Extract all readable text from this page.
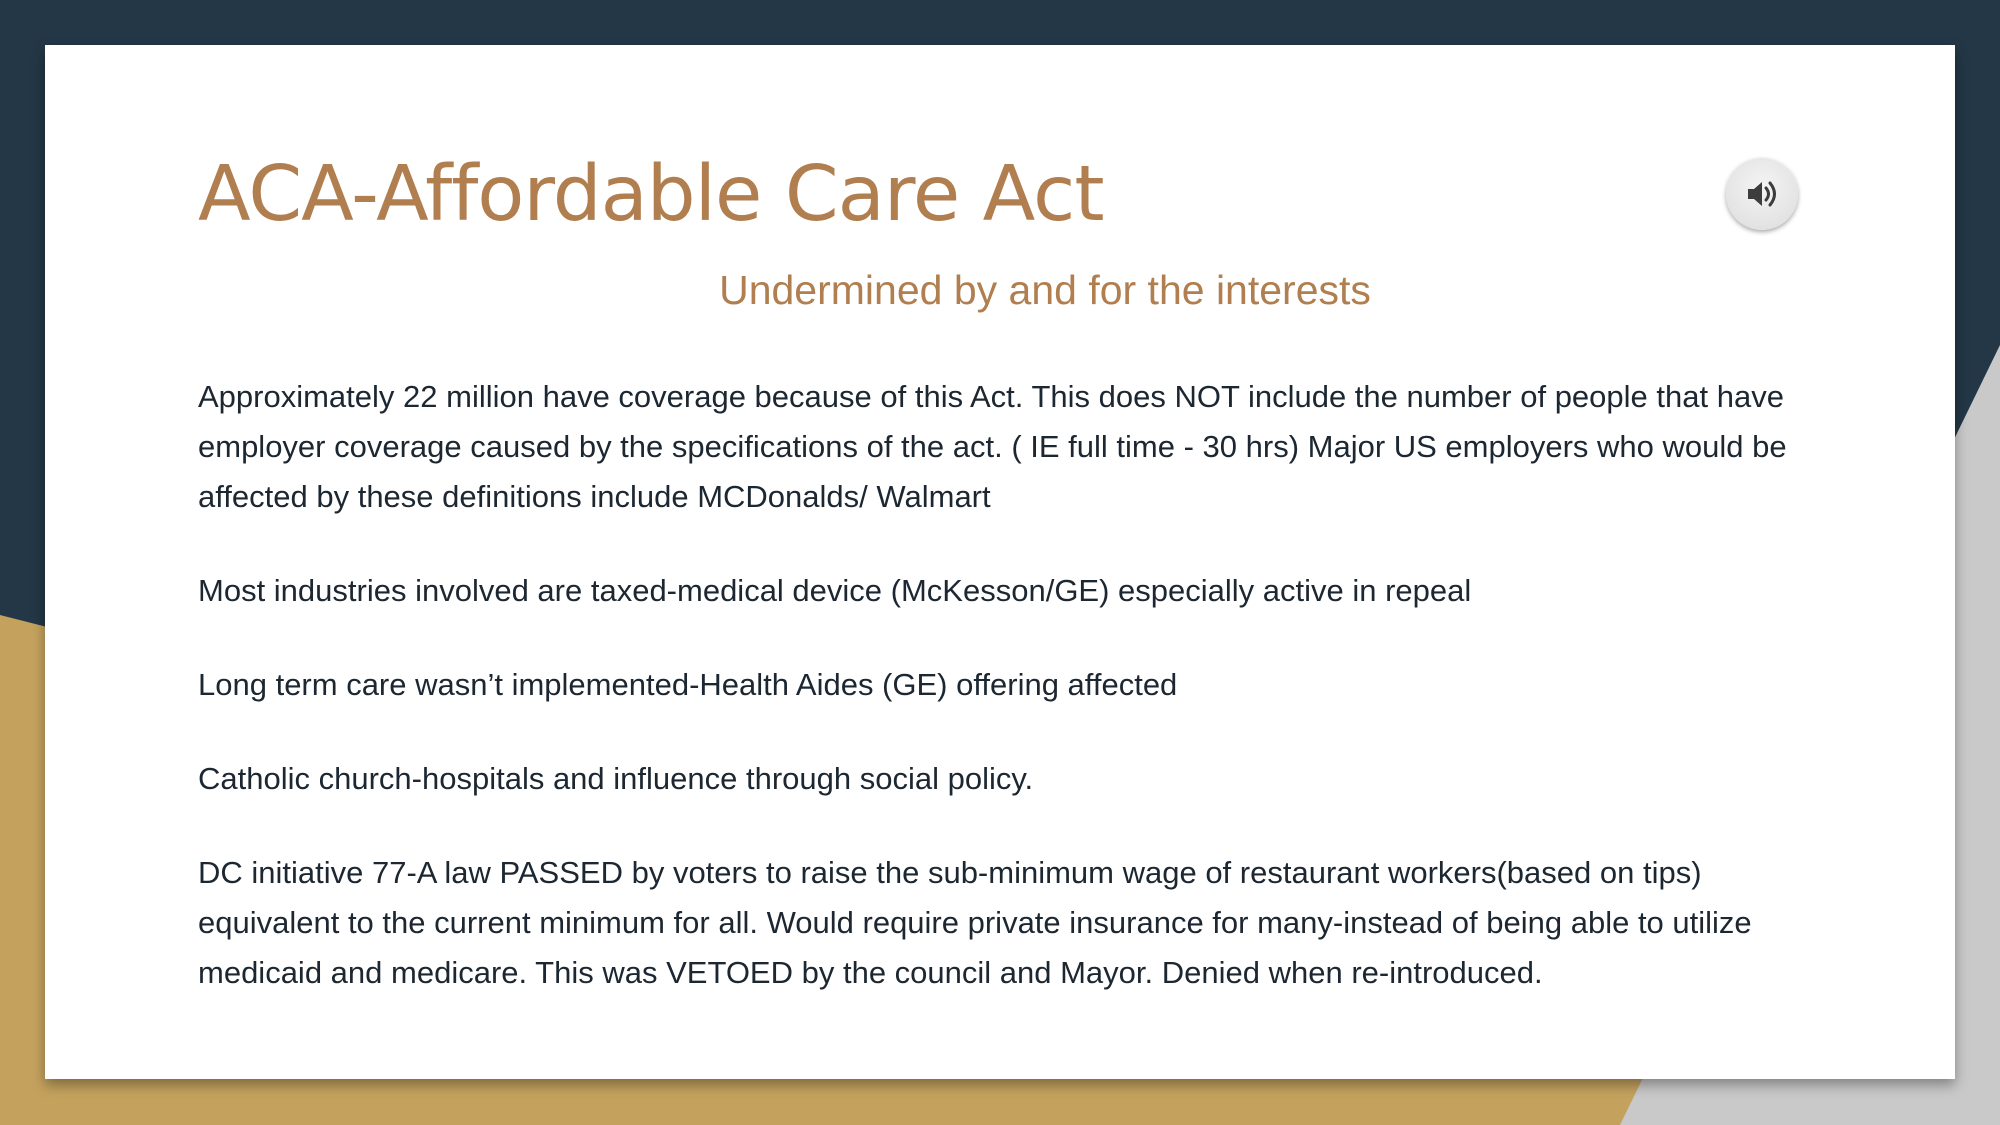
ACA-Affordable Care Act
Undermined by and for the interests

Approximately 22 million have coverage because of this Act. This does NOT include the number of people that have employer coverage caused by the specifications of the act. ( IE full time - 30 hrs) Major US employers who would be affected by these definitions include MCDonalds/ Walmart

Most industries involved are taxed-medical device (McKesson/GE) especially active in repeal

Long term care wasn’t implemented-Health Aides (GE) offering affected

Catholic church-hospitals and influence through social policy.

DC initiative 77-A law PASSED by voters to raise the sub-minimum wage of restaurant workers(based on tips) equivalent to the current minimum for all. Would require private insurance for many-instead of being able to utilize medicaid and medicare. This was VETOED by the council and Mayor. Denied when re-introduced.
